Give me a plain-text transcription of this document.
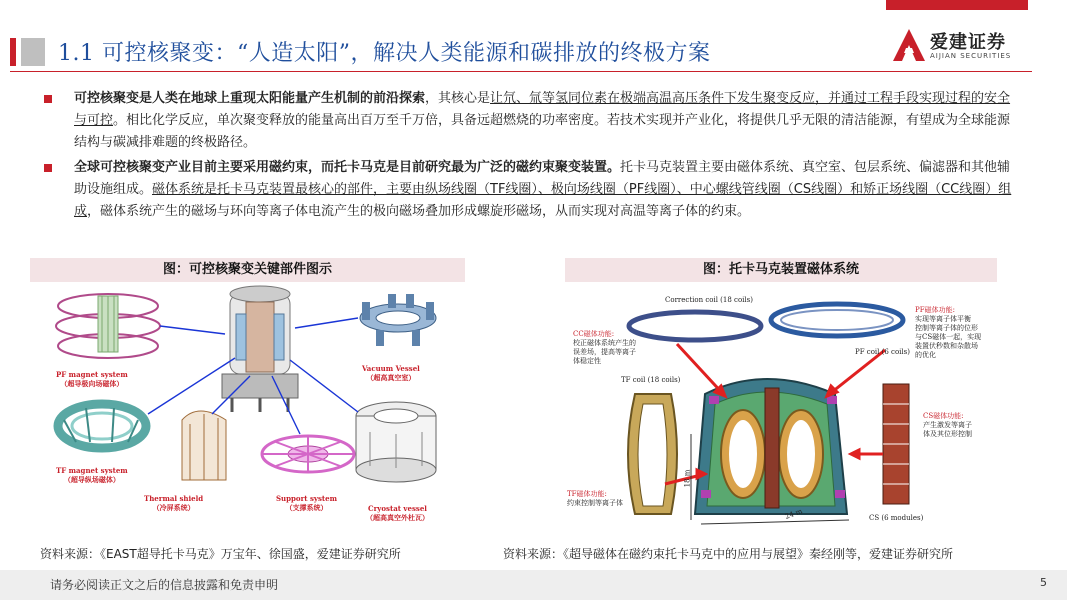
1.1 可控核聚变：“人造太阳”，解决人类能源和碳排放的终极方案	爱建证券
AIJIAN SECURITIES
可控核聚变是人类在地球上重现太阳能量产生机制的前沿探索，其核心是让氘、氚等氢同位素在极端高温高压条件下发生聚变反应，并通过工程手段实现过程的安全与可控。相比化学反应，单次聚变释放的能量高出百万至千万倍，具备远超燃烧的功率密度。若技术实现并产业化，将提供几乎无限的清洁能源，有望成为全球能源结构与碳减排难题的终极路径。
全球可控核聚变产业目前主要采用磁约束，而托卡马克是目前研究最为广泛的磁约束聚变装置。托卡马克装置主要由磁体系统、真空室、包层系统、偏滤器和其他辅助设施组成。磁体系统是托卡马克装置最核心的部件，主要由纵场线圈（TF线圈）、极向场线圈（PF线圈）、中心螺线管线圈（CS线圈）和矫正场线圈（CC线圈）组成，磁体系统产生的磁场与环向等离子体电流产生的极向磁场叠加形成螺旋形磁场，从而实现对高温等离子体的约束。
图：可控核聚变关键部件图示
PF magnet system
（超导极向场磁体）
Vacuum Vessel
（超高真空室）
TF magnet system
（超导纵场磁体）
Thermal shield
（冷屏系统）
Support system
（支撑系统）	Cryostat vessel
（超高真空外杜瓦）
资料来源：《EAST超导托卡马克》万宝年、徐国盛，爱建证券研究所
图：托卡马克装置磁体系统
Correction coil (18 coils)
CC磁体功能:
校正磁体系统产生的
误差场，提高等离子
体稳定性
PF磁体功能:
实现等离子体平衡
控制等离子体的位形
与CS磁体一起，实现
装置伏秒数和杂散场
的优化
PF coil (6 coils)
TF coil (18 coils)
CS磁体功能:
产生激发等离子
体及其位形控制
TF磁体功能:
约束控制等离子体
18 m
24 m	CS (6 modules)
资料来源：《超导磁体在磁约束托卡马克中的应用与展望》秦经刚等，爱建证券研究所
请务必阅读正文之后的信息披露和免责申明	5
